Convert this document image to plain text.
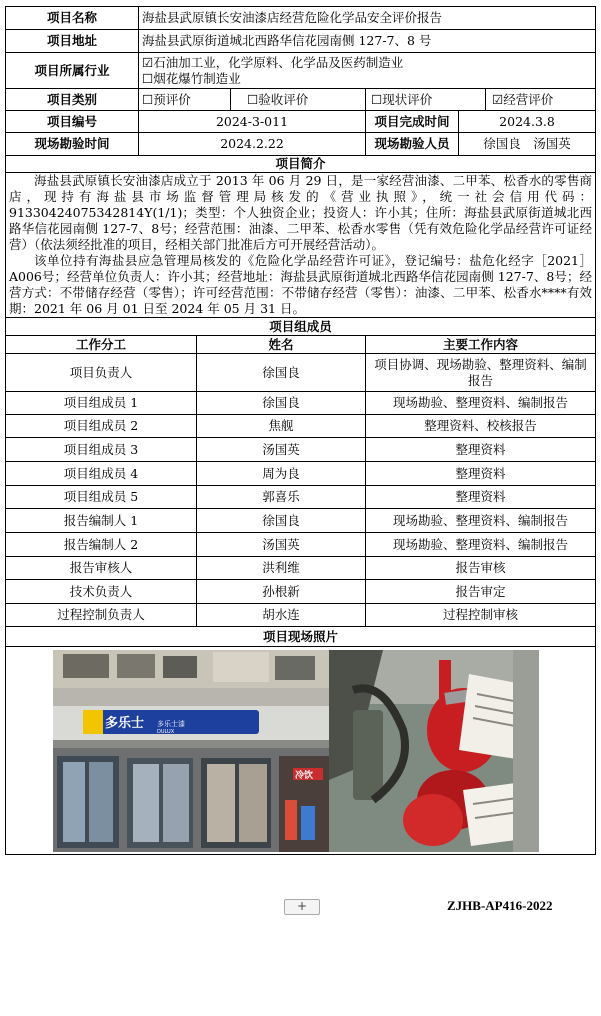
项目名称	海盐县武原镇长安油漆店经营危险化学品安全评价报告					
项目地址	海盐县武原街道城北西路华信花园南侧 127-7、8 号					
项目所属行业	☑石油加工业，化学原料、化学品及医药制造业
☐烟花爆竹制造业					

项目类别	☐预评价		☐验收评价	☐现状评价		☑经营评价
项目编号	2024-3-011			项目完成时间	2024.3.8	
现场勘验时间	2024.2.22			现场勘验人员	徐国良　汤国英	
项目简介						

海盐县武原镇长安油漆店成立于 2013 年 06 月 29 日，是一家经营油漆、二甲苯、松香水的零售商店，现持有海盐县市场监督管理局核发的《营业执照》，统一社会信用代码：91330424075342814Y(1/1)；类型：个人独资企业；投资人：许小其；住所：海盐县武原街道城北西路华信花园南侧 127-7、8号；经营范围：油漆、二甲苯、松香水零售（凭有效危险化学品经营许可证经营）（依法须经批准的项目，经相关部门批准后方可开展经营活动）。

该单位持有海盐县应急管理局核发的《危险化学品经营许可证》，登记编号：盐危化经字［2021］A006号；经营单位负责人：许小其；经营地址：海盐县武原街道城北西路华信花园南侧 127-7、8号；经营方式：不带储存经营（零售）；许可经营范围：不带储存经营（零售）：油漆、二甲苯、松香水****有效期：2021 年 06 月 01 日至 2024 年 05 月 31 日。						

项目组成员						
工作分工		姓名		主要工作内容		
项目负责人		徐国良		项目协调、现场勘验、整理资料、编制报告		
项目组成员 1		徐国良		现场勘验、整理资料、编制报告		
项目组成员 2		焦舰		整理资料、校核报告		
项目组成员 3		汤国英		整理资料		
项目组成员 4		周为良		整理资料		
项目组成员 5		郭喜乐		整理资料		
报告编制人 1		徐国良		现场勘验、整理资料、编制报告		
报告编制人 2		汤国英		现场勘验、整理资料、编制报告		
报告审核人		洪利维		报告审核		
技术负责人		孙根新		报告审定		
过程控制负责人		胡水连		过程控制审核		
项目现场照片						

多乐士 多乐士漆
DULUX
冷饮						
+	ZJHB-AP416-2022
